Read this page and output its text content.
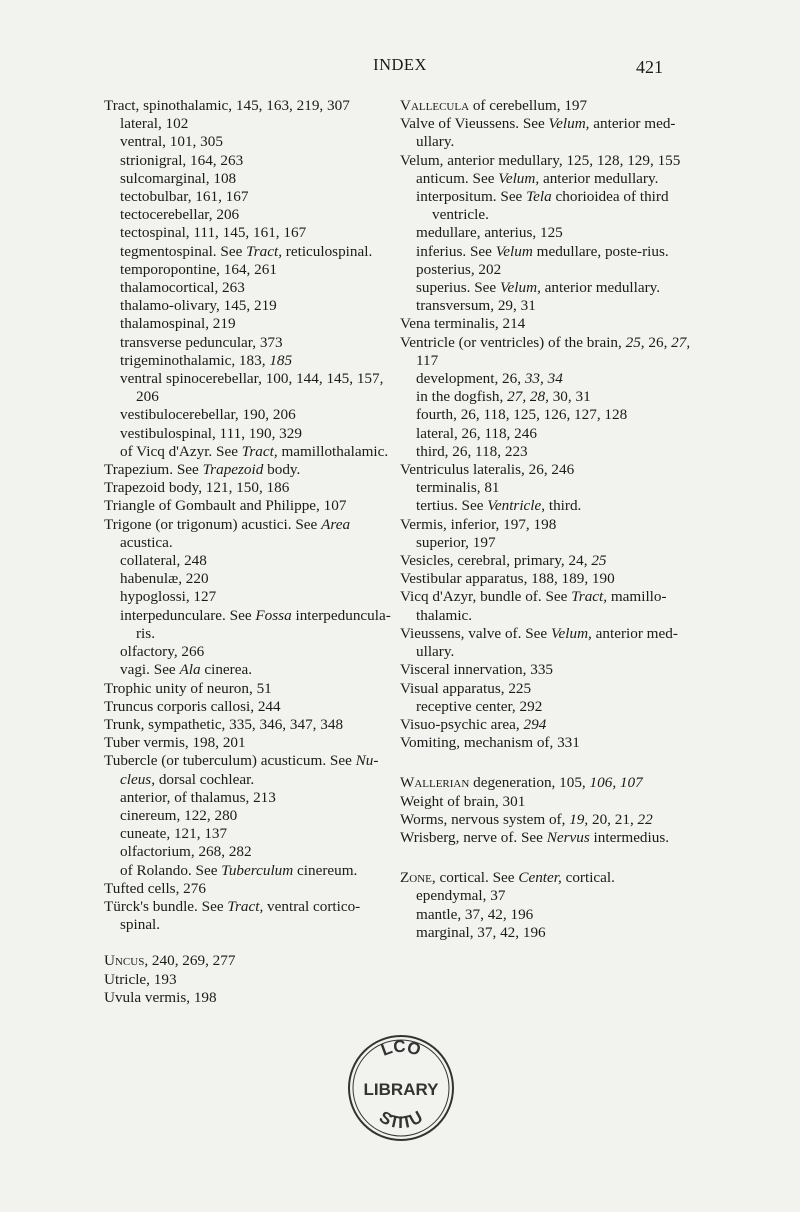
INDEX	421
Tract, spinothalamic, 145, 163, 219, 307
lateral, 102
ventral, 101, 305
strionigral, 164, 263
sulcomarginal, 108
tectobulbar, 161, 167
tectocerebellar, 206
tectospinal, 111, 145, 161, 167
tegmentospinal. See Tract, reticulospinal.
temporopontine, 164, 261
thalamocortical, 263
thalamo-olivary, 145, 219
thalamospinal, 219
transverse peduncular, 373
trigeminothalamic, 183, 185
ventral spinocerebellar, 100, 144, 145, 157, 206
vestibulocerebellar, 190, 206
vestibulospinal, 111, 190, 329
of Vicq d'Azyr. See Tract, mamillothalamic.
Trapezium. See Trapezoid body.
Trapezoid body, 121, 150, 186
Triangle of Gombault and Philippe, 107
Trigone (or trigonum) acustici. See Area acustica.
collateral, 248
habenulæ, 220
hypoglossi, 127
interpedunculare. See Fossa interpeduncula-ris.
olfactory, 266
vagi. See Ala cinerea.
Trophic unity of neuron, 51
Truncus corporis callosi, 244
Trunk, sympathetic, 335, 346, 347, 348
Tuber vermis, 198, 201
Tubercle (or tuberculum) acusticum. See Nu-cleus, dorsal cochlear.
anterior, of thalamus, 213
cinereum, 122, 280
cuneate, 121, 137
olfactorium, 268, 282
of Rolando. See Tuberculum cinereum.
Tufted cells, 276
Türck's bundle. See Tract, ventral cortico-spinal.
Uncus, 240, 269, 277
Utricle, 193
Uvula vermis, 198
Vallecula of cerebellum, 197
Valve of Vieussens. See Velum, anterior med-ullary.
Velum, anterior medullary, 125, 128, 129, 155
anticum. See Velum, anterior medullary.
interpositum. See Tela chorioidea of third ventricle.
medullare, anterius, 125
inferius. See Velum medullare, poste-rius.
posterius, 202
superius. See Velum, anterior medullary.
transversum, 29, 31
Vena terminalis, 214
Ventricle (or ventricles) of the brain, 25, 26, 27, 117
development, 26, 33, 34
in the dogfish, 27, 28, 30, 31
fourth, 26, 118, 125, 126, 127, 128
lateral, 26, 118, 246
third, 26, 118, 223
Ventriculus lateralis, 26, 246
terminalis, 81
tertius. See Ventricle, third.
Vermis, inferior, 197, 198
superior, 197
Vesicles, cerebral, primary, 24, 25
Vestibular apparatus, 188, 189, 190
Vicq d'Azyr, bundle of. See Tract, mamillo-thalamic.
Vieussens, valve of. See Velum, anterior med-ullary.
Visceral innervation, 335
Visual apparatus, 225
receptive center, 292
Visuo-psychic area, 294
Vomiting, mechanism of, 331
Wallerian degeneration, 105, 106, 107
Weight of brain, 301
Worms, nervous system of, 19, 20, 21, 22
Wrisberg, nerve of. See Nervus intermedius.
Zone, cortical. See Center, cortical.
ependymal, 37
mantle, 37, 42, 196
marginal, 37, 42, 196
LCO
LIBRARY
STITU
